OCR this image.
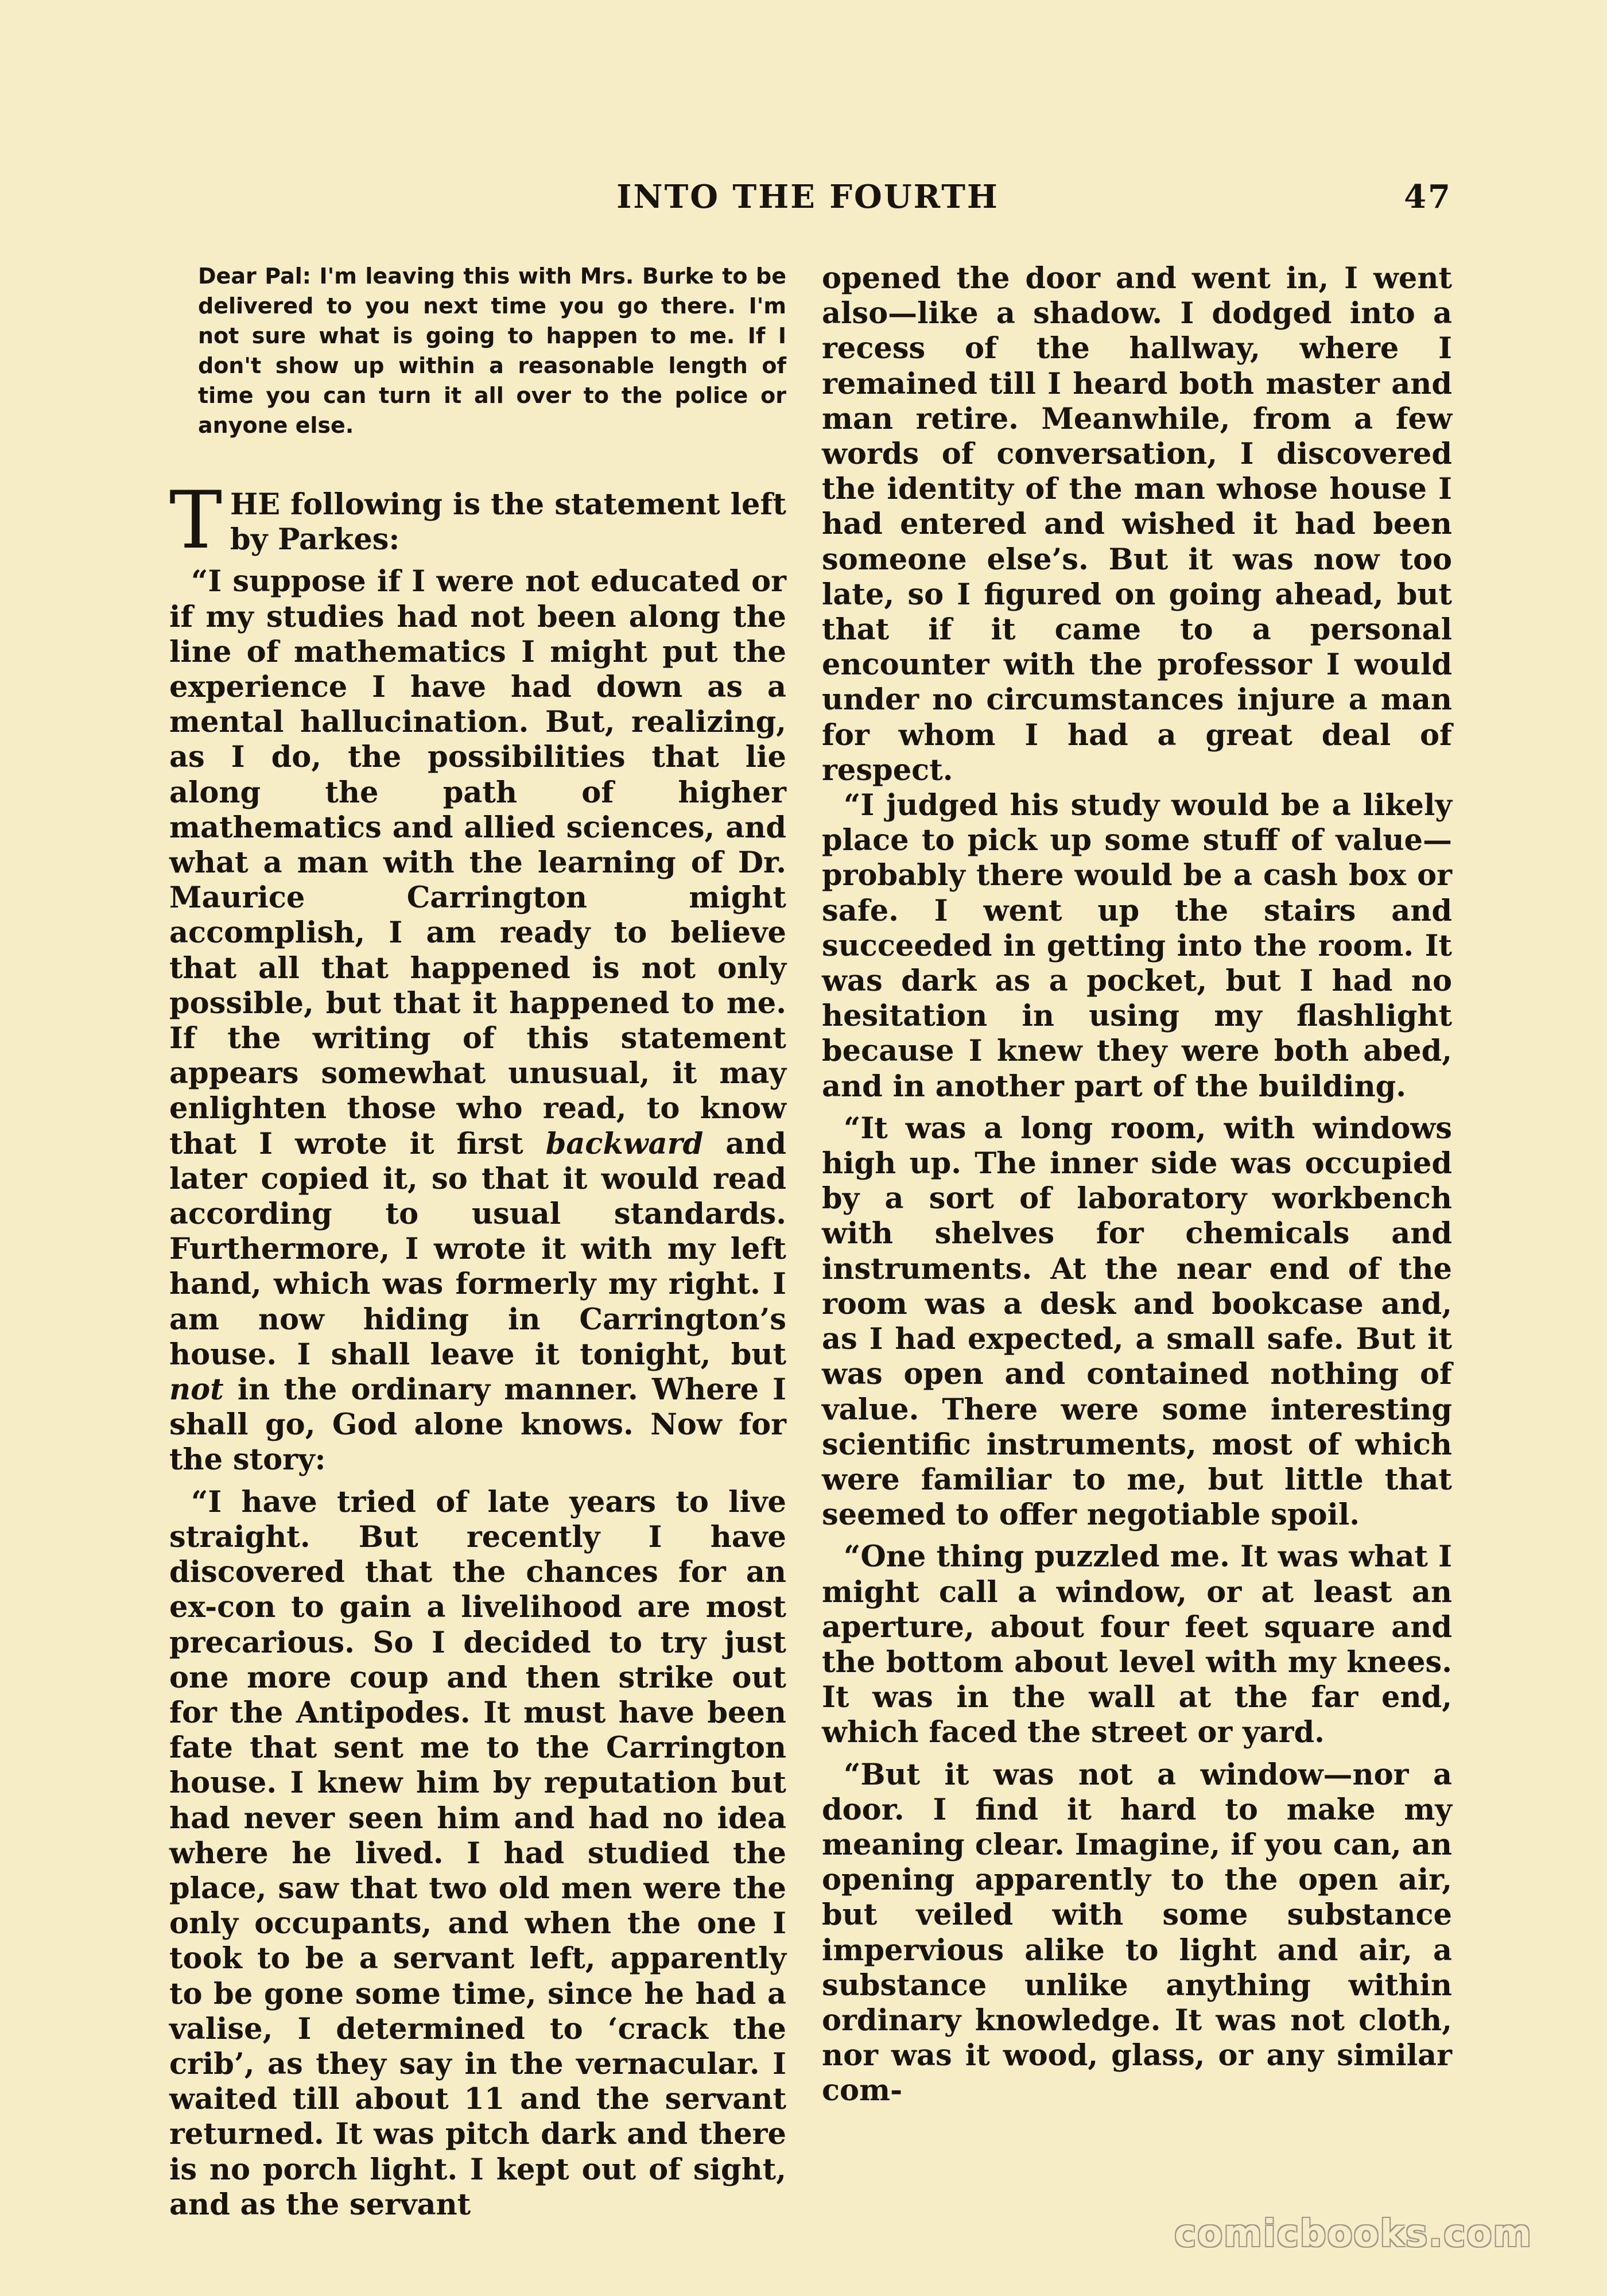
INTO THE FOURTH	47
Dear Pal: I'm leaving this with Mrs. Burke to be delivered to you next time you go there. I'm not sure what is going to happen to me. If I don't show up within a reasonable length of time you can turn it all over to the police or anyone else.

THE following is the statement left by Parkes:

“I suppose if I were not educated or if my studies had not been along the line of mathematics I might put the experience I have had down as a mental hallucination. But, realizing, as I do, the possibilities that lie along the path of higher mathematics and allied sciences, and what a man with the learning of Dr. Maurice Carrington might accomplish, I am ready to believe that all that happened is not only possible, but that it happened to me. If the writing of this statement appears somewhat unusual, it may enlighten those who read, to know that I wrote it first backward and later copied it, so that it would read according to usual standards. Furthermore, I wrote it with my left hand, which was formerly my right. I am now hiding in Carrington’s house. I shall leave it tonight, but not in the ordinary manner. Where I shall go, God alone knows. Now for the story:

“I have tried of late years to live straight. But recently I have discovered that the chances for an ex-con to gain a livelihood are most precarious. So I decided to try just one more coup and then strike out for the Antipodes. It must have been fate that sent me to the Carrington house. I knew him by reputation but had never seen him and had no idea where he lived. I had studied the place, saw that two old men were the only occupants, and when the one I took to be a servant left, apparently to be gone some time, since he had a valise, I determined to ‘crack the crib’, as they say in the vernacular. I waited till about 11 and the servant returned. It was pitch dark and there is no porch light. I kept out of sight, and as the servant

opened the door and went in, I went also—like a shadow. I dodged into a recess of the hallway, where I remained till I heard both master and man retire. Meanwhile, from a few words of conversation, I discovered the identity of the man whose house I had entered and wished it had been someone else’s. But it was now too late, so I figured on going ahead, but that if it came to a personal encounter with the professor I would under no circumstances injure a man for whom I had a great deal of respect.

“I judged his study would be a likely place to pick up some stuff of value—probably there would be a cash box or safe. I went up the stairs and succeeded in getting into the room. It was dark as a pocket, but I had no hesitation in using my flashlight because I knew they were both abed, and in another part of the building.

“It was a long room, with windows high up. The inner side was occupied by a sort of laboratory workbench with shelves for chemicals and instruments. At the near end of the room was a desk and bookcase and, as I had expected, a small safe. But it was open and contained nothing of value. There were some interesting scientific instruments, most of which were familiar to me, but little that seemed to offer negotiable spoil.

“One thing puzzled me. It was what I might call a window, or at least an aperture, about four feet square and the bottom about level with my knees. It was in the wall at the far end, which faced the street or yard.

“But it was not a window—nor a door. I find it hard to make my meaning clear. Imagine, if you can, an opening apparently to the open air, but veiled with some substance impervious alike to light and air, a substance unlike anything within ordinary knowledge. It was not cloth, nor was it wood, glass, or any similar com-

comicbooks.com
